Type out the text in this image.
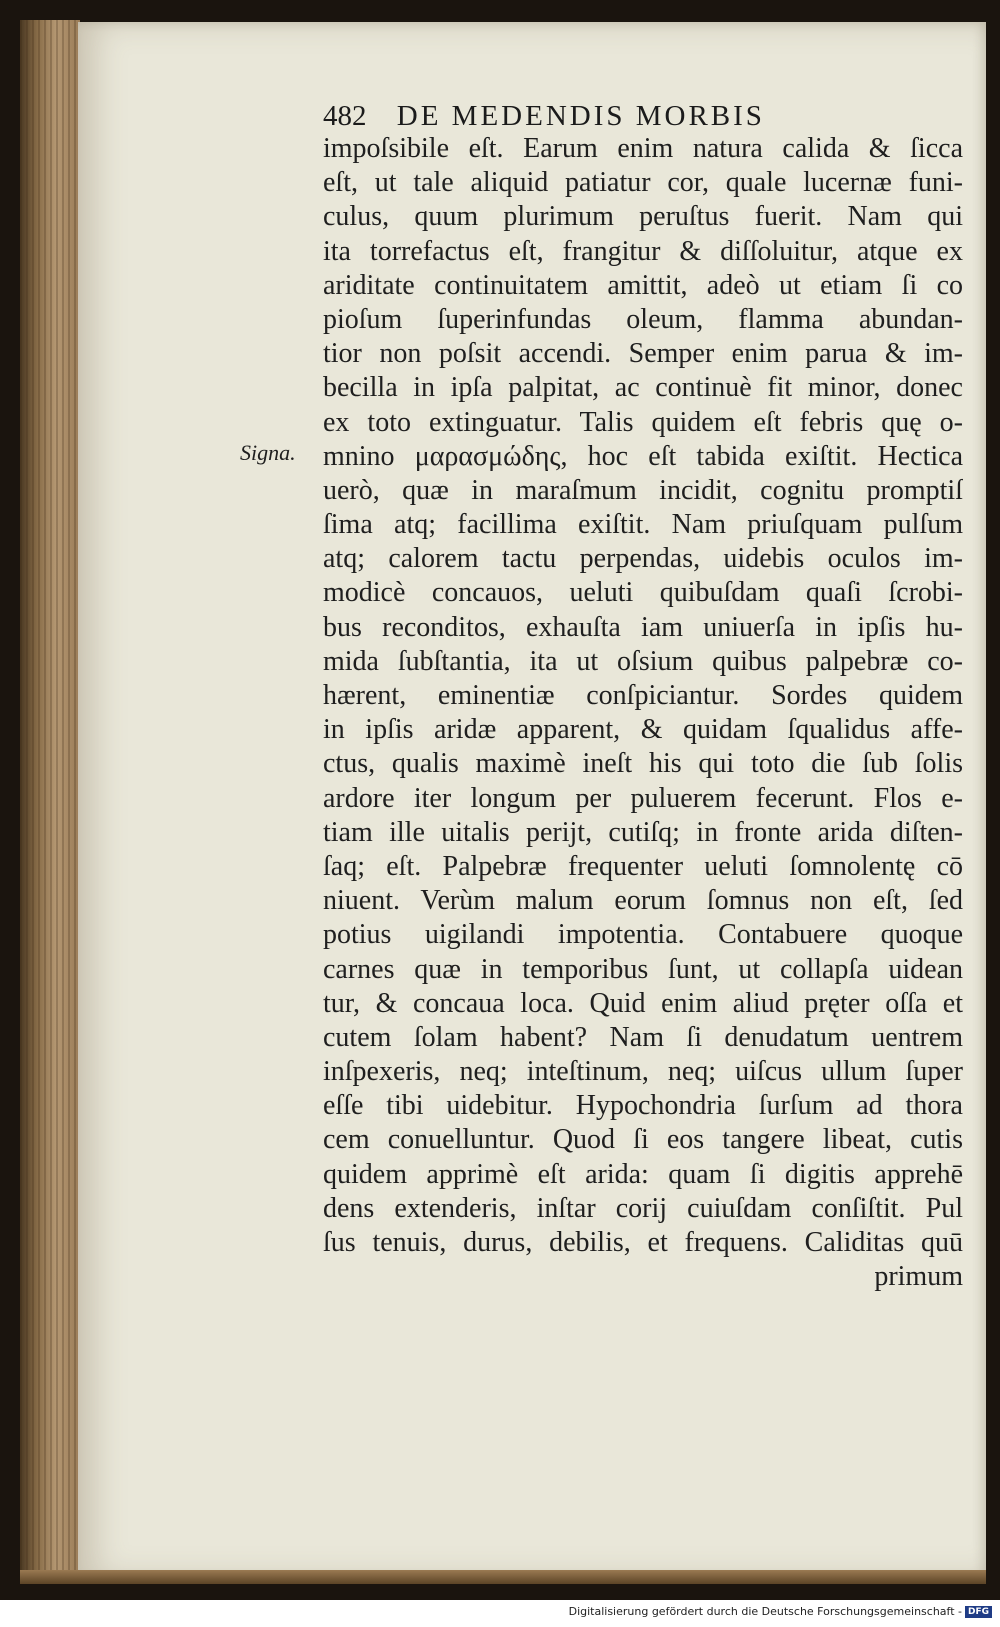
482 DE MEDENDIS MORBIS
Signa.
impoſsibile eſt. Earum enim natura calida & ſicca
eſt, ut tale aliquid patiatur cor, quale lucernæ funi-
culus, quum plurimum peruſtus fuerit. Nam qui
ita torrefactus eſt, frangitur & diſſoluitur, atque ex
ariditate continuitatem amittit, adeò ut etiam ſi co
pioſum ſuperinfundas oleum, flamma abundan-
tior non poſsit accendi. Semper enim parua & im-
becilla in ipſa palpitat, ac continuè fit minor, donec
ex toto extinguatur. Talis quidem eſt febris quę o-
mnino μαρασμώδης, hoc eſt tabida exiſtit. Hectica
uerò, quæ in maraſmum incidit, cognitu promptiſ
ſima atq; facillima exiſtit. Nam priuſquam pulſum
atq; calorem tactu perpendas, uidebis oculos im-
modicè concauos, ueluti quibuſdam quaſi ſcrobi-
bus reconditos, exhauſta iam uniuerſa in ipſis hu-
mida ſubſtantia, ita ut oſsium quibus palpebræ co-
hærent, eminentiæ conſpiciantur. Sordes quidem
in ipſis aridæ apparent, & quidam ſqualidus affe-
ctus, qualis maximè ineſt his qui toto die ſub ſolis
ardore iter longum per puluerem fecerunt. Flos e-
tiam ille uitalis perijt, cutiſq; in fronte arida diſten-
ſaq; eſt. Palpebræ frequenter ueluti ſomnolentę cō
niuent. Verùm malum eorum ſomnus non eſt, ſed
potius uigilandi impotentia. Contabuere quoque
carnes quæ in temporibus ſunt, ut collapſa uidean
tur, & concaua loca. Quid enim aliud pręter oſſa et
cutem ſolam habent? Nam ſi denudatum uentrem
inſpexeris, neq; inteſtinum, neq; uiſcus ullum ſuper
eſſe tibi uidebitur. Hypochondria ſurſum ad thora
cem conuelluntur. Quod ſi eos tangere libeat, cutis
quidem apprimè eſt arida: quam ſi digitis apprehē
dens extenderis, inſtar corij cuiuſdam conſiſtit. Pul
ſus tenuis, durus, debilis, et frequens. Caliditas quū
primum
Digitalisierung gefördert durch die Deutsche Forschungsgemeinschaft - DFG
